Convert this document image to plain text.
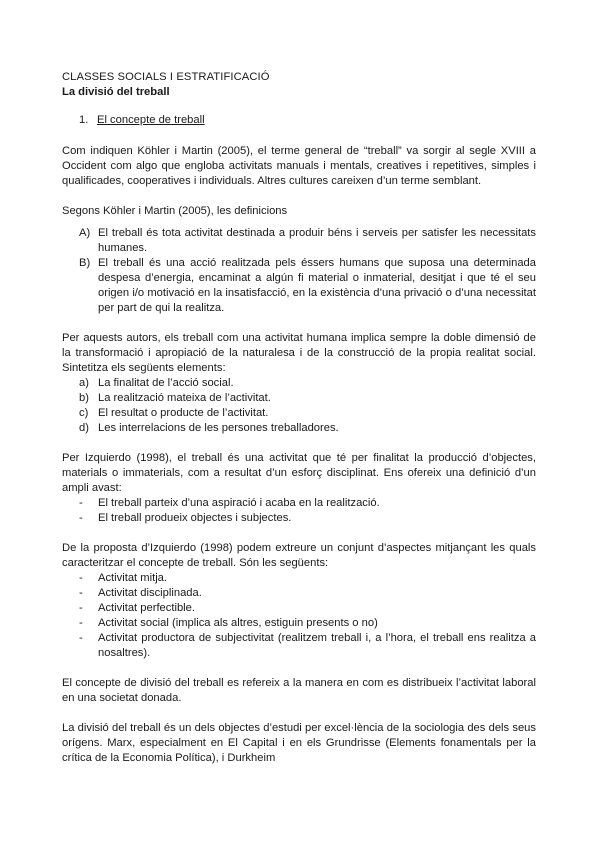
CLASSES SOCIALS I ESTRATIFICACIÓ

La divisió del treball

1. El concepte de treball

Com indiquen Köhler i Martin (2005), el terme general de “treball” va sorgir al segle XVIII a Occident com algo que engloba activitats manuals i mentals, creatives i repetitives, simples i qualificades, cooperatives i individuals. Altres cultures careixen d’un terme semblant.

Segons Köhler i Martin (2005), les definicions

A) El treball és tota activitat destinada a produir béns i serveis per satisfer les necessitats humanes.
B) El treball és una acció realitzada pels éssers humans que suposa una determinada despesa d’energia, encaminat a algún fi material o inmaterial, desitjat i que té el seu origen i/o motivació en la insatisfacció, en la existència d’una privació o d’una necessitat per part de qui la realitza.

Per aquests autors, els treball com una activitat humana implica sempre la doble dimensió de la transformació i apropiació de la naturalesa i de la construcció de la propia realitat social. Sintetitza els següents elements:

a) La finalitat de l’acció social.
b) La realització mateixa de l’activitat.
c) El resultat o producte de l’activitat.
d) Les interrelacions de les persones treballadores.

Per Izquierdo (1998), el treball és una activitat que té per finalitat la producció d’objectes, materials o immaterials, com a resultat d’un esforç disciplinat. Ens ofereix una definició d’un ampli avast:

-	El treball parteix d’una aspiració i acaba en la realització.
-	El treball produeix objectes i subjectes.

De la proposta d’Izquierdo (1998) podem extreure un conjunt d’aspectes mitjançant les quals caracteritzar el concepte de treball. Són les següents:

-	Activitat mitja.
-	Activitat disciplinada.
-	Activitat perfectible.
-	Activitat social (implica als altres, estiguin presents o no)
-	Activitat productora de subjectivitat (realitzem treball i, a l’hora, el treball ens realitza a nosaltres).

El concepte de divisió del treball es refereix a la manera en com es distribueix l’activitat laboral en una societat donada.

La divisió del treball és un dels objectes d’estudi per excel·lència de la sociologia des dels seus orígens. Marx, especialment en El Capital i en els Grundrisse (Elements fonamentals per la crítica de la Economia Política), i Durkheim
